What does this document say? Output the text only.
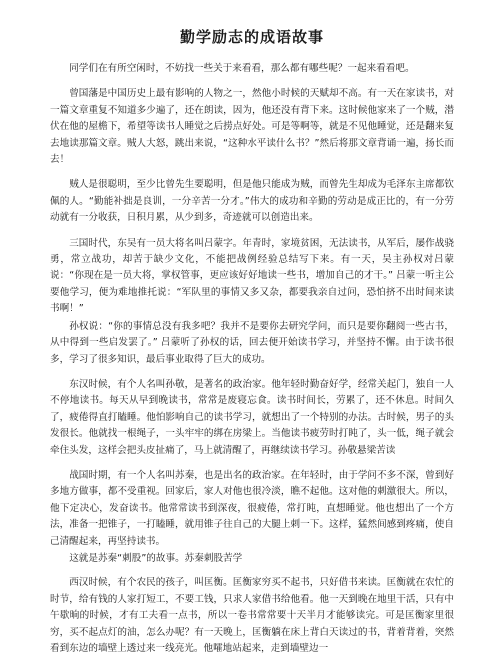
勤学励志的成语故事

同学们在有所空闲时，不妨找一些关于来看看，那么都有哪些呢？一起来看看吧。

曾国藩是中国历史上最有影响的人物之一，然他小时候的天赋却不高。有一天在家读书，对一篇文章重复不知道多少遍了，还在朗读，因为，他还没有背下来。这时候他家来了一个贼，潜伏在他的屋檐下，希望等读书人睡觉之后捞点好处。可是等啊等，就是不见他睡觉，还是翻来复去地读那篇文章。贼人大怒，跳出来说，“这种水平读什么书？”然后将那文章背诵一遍，扬长而去！

贼人是很聪明，至少比曾先生要聪明，但是他只能成为贼，而曾先生却成为毛泽东主席都钦佩的人。“勤能补拙是良训，一分辛苦一分才。”伟大的成功和辛勤的劳动是成正比的，有一分劳动就有一分收获，日积月累，从少到多，奇迹就可以创造出来。

三国时代，东吴有一员大将名叫吕蒙字。年青时，家境贫困，无法读书，从军后，屡作战骁勇，常立战功，却苦于缺少文化，不能把战例经验总结写下来。有一天，吴主孙权对吕蒙说：“你现在是一员大将，掌权管事，更应该好好地读一些书，增加自己的才干。” 吕蒙一听主公要他学习，便为难地推托说：“军队里的事情又多又杂，都要我亲自过问，恐怕挤不出时间来读书啊！”

孙权说：“你的事情总没有我多吧？我并不是要你去研究学问，而只是要你翻阅一些古书，从中得到一些启发罢了。” 吕蒙听了孙权的话，回去便开始读书学习，并坚持不懈。由于读书很多，学习了很多知识，最后事业取得了巨大的成功。

东汉时候，有个人名叫孙敬，是著名的政治家。他年轻时勤奋好学，经常关起门，独自一人不停地读书。每天从早到晚读书，常常是废寝忘食。读书时间长，劳累了，还不休息。时间久了，疲倦得直打瞌睡。他怕影响自己的读书学习，就想出了一个特别的办法。古时候，男子的头发很长。他就找一根绳子，一头牢牢的绑在房梁上。当他读书疲劳时打盹了，头一低，绳子就会牵住头发，这样会把头皮扯痛了，马上就清醒了，再继续读书学习。孙敬悬梁苦读

战国时期，有一个人名叫苏秦，也是出名的政治家。在年轻时，由于学问不多不深，曾到好多地方做事，都不受重视。回家后，家人对他也很冷淡，瞧不起他。这对他的刺激很大。所以，他下定决心，发奋读书。他常常读书到深夜，很疲倦，常打盹，直想睡觉。他也想出了一个方法，准备一把锥子，一打瞌睡，就用锥子往自己的大腿上刺一下。这样，猛然间感到疼痛，使自己清醒起来，再坚持读书。

这就是苏秦“刺股”的故事。苏秦刺股苦学

西汉时候，有个农民的孩子，叫匡衡。匡衡家穷买不起书，只好借书来读。匡衡就在农忙的时节，给有钱的人家打短工，不要工钱，只求人家借书给他看。他一天到晚在地里干活，只有中午歇晌的时候，才有工夫看一点书，所以一卷书常常要十天半月才能够读完。可是匡衡家里很穷，买不起点灯的油，怎么办呢？有一天晚上，匡衡躺在床上背白天读过的书，背着背着，突然看到东边的墙壁上透过来一线亮光。他嚯地站起来，走到墙壁边一
